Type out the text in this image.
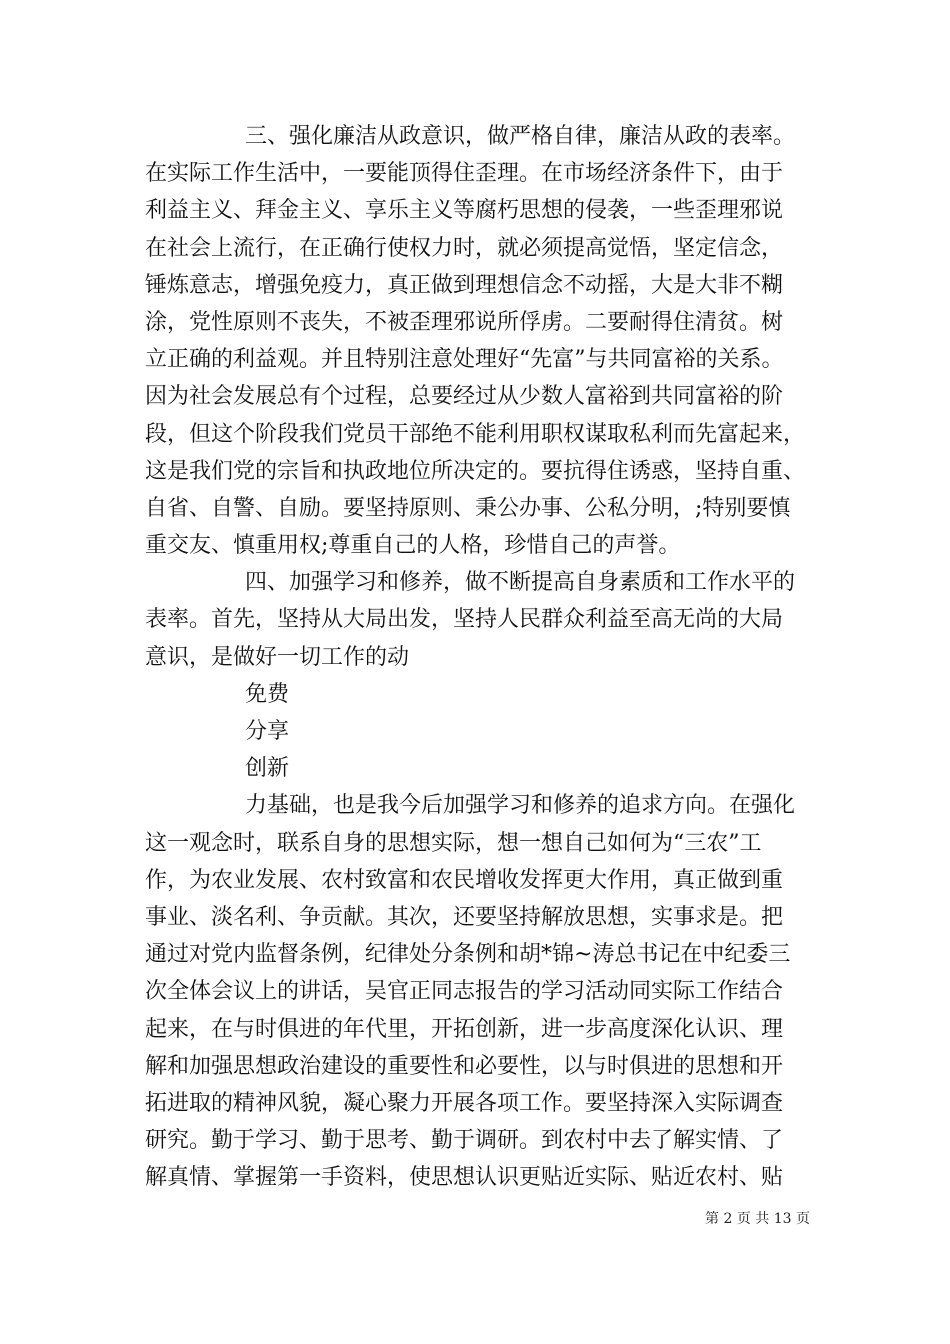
三、强化廉洁从政意识，做严格自律，廉洁从政的表率。
在实际工作生活中，一要能顶得住歪理。在市场经济条件下，由于
利益主义、拜金主义、享乐主义等腐朽思想的侵袭，一些歪理邪说
在社会上流行，在正确行使权力时，就必须提高觉悟，坚定信念，
锤炼意志，增强免疫力，真正做到理想信念不动摇，大是大非不糊
涂，党性原则不丧失，不被歪理邪说所俘虏。二要耐得住清贫。树
立正确的利益观。并且特别注意处理好“先富”与共同富裕的关系。
因为社会发展总有个过程，总要经过从少数人富裕到共同富裕的阶
段，但这个阶段我们党员干部绝不能利用职权谋取私利而先富起来，
这是我们党的宗旨和执政地位所决定的。要抗得住诱惑，坚持自重、
自省、自警、自励。要坚持原则、秉公办事、公私分明，;特别要慎
重交友、慎重用权;尊重自己的人格，珍惜自己的声誉。
四、加强学习和修养，做不断提高自身素质和工作水平的
表率。首先，坚持从大局出发，坚持人民群众利益至高无尚的大局
意识，是做好一切工作的动
免费
分享
创新
力基础，也是我今后加强学习和修养的追求方向。在强化
这一观念时，联系自身的思想实际，想一想自己如何为“三农”工
作，为农业发展、农村致富和农民增收发挥更大作用，真正做到重
事业、淡名利、争贡献。其次，还要坚持解放思想，实事求是。把
通过对党内监督条例，纪律处分条例和胡*锦~涛总书记在中纪委三
次全体会议上的讲话，吴官正同志报告的学习活动同实际工作结合
起来，在与时俱进的年代里，开拓创新，进一步高度深化认识、理
解和加强思想政治建设的重要性和必要性，以与时俱进的思想和开
拓进取的精神风貌，凝心聚力开展各项工作。要坚持深入实际调查
研究。勤于学习、勤于思考、勤于调研。到农村中去了解实情、了
解真情、掌握第一手资料，使思想认识更贴近实际、贴近农村、贴
第 2 页 共 13 页
